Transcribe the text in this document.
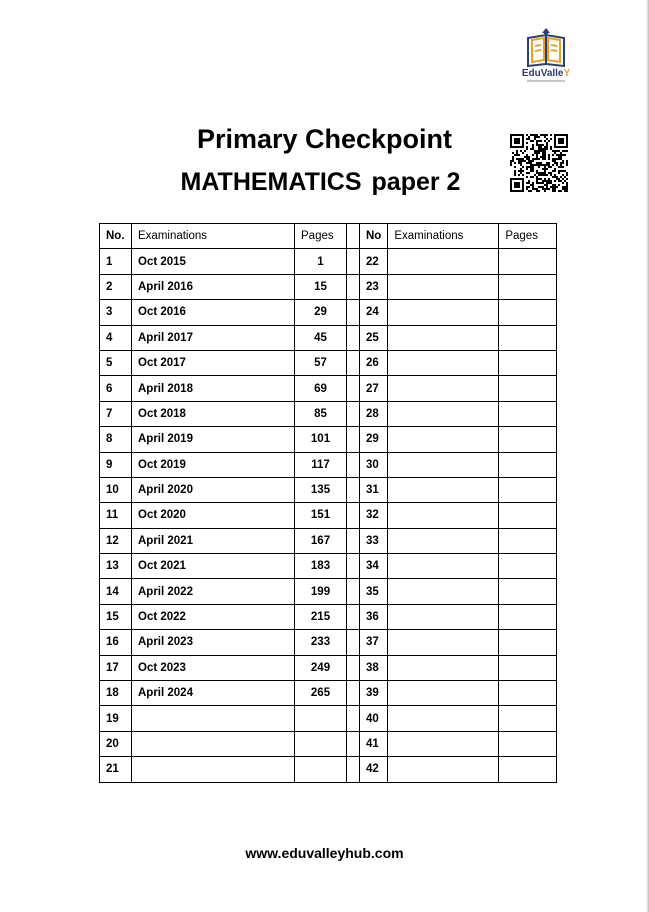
EduValleY
Primary Checkpoint
MATHEMATICS paper 2
No.	Examinations	Pages		No	Examinations	Pages
1	Oct 2015	1		22		
2	April 2016	15		23		
3	Oct 2016	29		24		
4	April 2017	45		25		
5	Oct 2017	57		26		
6	April 2018	69		27		
7	Oct 2018	85		28		
8	April 2019	101		29		
9	Oct 2019	117		30		
10	April 2020	135		31		
11	Oct 2020	151		32		
12	April 2021	167		33		
13	Oct 2021	183		34		
14	April 2022	199		35		
15	Oct 2022	215		36		
16	April 2023	233		37		
17	Oct 2023	249		38		
18	April 2024	265		39		
19				40		
20				41		
21				42		
www.eduvalleyhub.com
